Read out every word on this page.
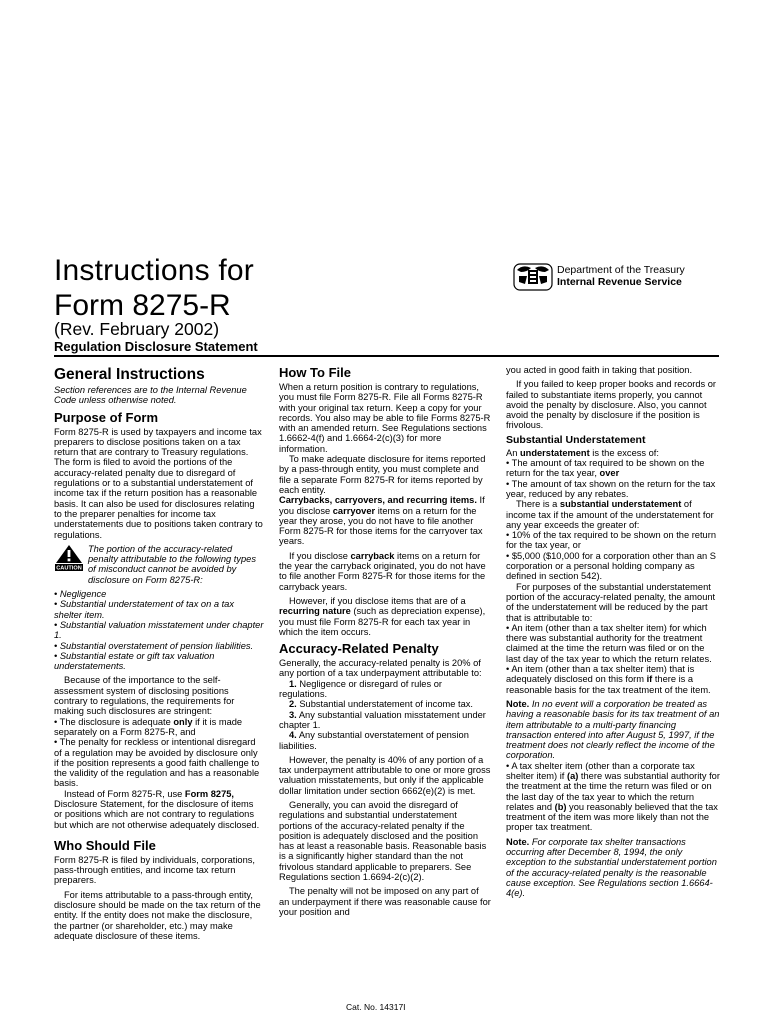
Instructions for
Form 8275-R
(Rev. February 2002)
Regulation Disclosure Statement
Department of the Treasury
Internal Revenue Service
General Instructions

Section references are to the Internal Revenue Code unless otherwise noted.

Purpose of Form

Form 8275-R is used by taxpayers and income tax preparers to disclose positions taken on a tax return that are contrary to Treasury regulations. The form is filed to avoid the portions of the accuracy-related penalty due to disregard of regulations or to a substantial understatement of income tax if the return position has a reasonable basis. It can also be used for disclosures relating to the preparer penalties for income tax understatements due to positions taken contrary to regulations.

CAUTION

The portion of the accuracy-related penalty attributable to the following types of misconduct cannot be avoided by disclosure on Form 8275-R:

• Negligence

• Substantial understatement of tax on a tax shelter item.

• Substantial valuation misstatement under chapter 1.

• Substantial overstatement of pension liabilities.

• Substantial estate or gift tax valuation understatements.

Because of the importance to the self-assessment system of disclosing positions contrary to regulations, the requirements for making such disclosures are stringent:

• The disclosure is adequate only if it is made separately on a Form 8275-R, and

• The penalty for reckless or intentional disregard of a regulation may be avoided by disclosure only if the position represents a good faith challenge to the validity of the regulation and has a reasonable basis.

Instead of Form 8275-R, use Form 8275, Disclosure Statement, for the disclosure of items or positions which are not contrary to regulations but which are not otherwise adequately disclosed.

Who Should File

Form 8275-R is filed by individuals, corporations, pass-through entities, and income tax return preparers.

For items attributable to a pass-through entity, disclosure should be made on the tax return of the entity. If the entity does not make the disclosure, the partner (or shareholder, etc.) may make adequate disclosure of these items.

How To File

When a return position is contrary to regulations, you must file Form 8275-R. File all Forms 8275-R with your original tax return. Keep a copy for your records. You also may be able to file Forms 8275-R with an amended return. See Regulations sections 1.6662-4(f) and 1.6664-2(c)(3) for more information.

To make adequate disclosure for items reported by a pass-through entity, you must complete and file a separate Form 8275-R for items reported by each entity.

Carrybacks, carryovers, and recurring items. If you disclose carryover items on a return for the year they arose, you do not have to file another Form 8275-R for those items for the carryover tax years.

If you disclose carryback items on a return for the year the carryback originated, you do not have to file another Form 8275-R for those items for the carryback years.

However, if you disclose items that are of a recurring nature (such as depreciation expense), you must file Form 8275-R for each tax year in which the item occurs.

Accuracy-Related Penalty

Generally, the accuracy-related penalty is 20% of any portion of a tax underpayment attributable to:

1. Negligence or disregard of rules or regulations.

2. Substantial understatement of income tax.

3. Any substantial valuation misstatement under chapter 1.

4. Any substantial overstatement of pension liabilities.

However, the penalty is 40% of any portion of a tax underpayment attributable to one or more gross valuation misstatements, but only if the applicable dollar limitation under section 6662(e)(2) is met.

Generally, you can avoid the disregard of regulations and substantial understatement portions of the accuracy-related penalty if the position is adequately disclosed and the position has at least a reasonable basis. Reasonable basis is a significantly higher standard than the not frivolous standard applicable to preparers. See Regulations section 1.6694-2(c)(2).

The penalty will not be imposed on any part of an underpayment if there was reasonable cause for your position and

you acted in good faith in taking that position.

If you failed to keep proper books and records or failed to substantiate items properly, you cannot avoid the penalty by disclosure. Also, you cannot avoid the penalty by disclosure if the position is frivolous.

Substantial Understatement

An understatement is the excess of:

• The amount of tax required to be shown on the return for the tax year, over

• The amount of tax shown on the return for the tax year, reduced by any rebates.

There is a substantial understatement of income tax if the amount of the understatement for any year exceeds the greater of:

• 10% of the tax required to be shown on the return for the tax year, or

• $5,000 ($10,000 for a corporation other than an S corporation or a personal holding company as defined in section 542).

For purposes of the substantial understatement portion of the accuracy-related penalty, the amount of the understatement will be reduced by the part that is attributable to:

• An item (other than a tax shelter item) for which there was substantial authority for the treatment claimed at the time the return was filed or on the last day of the tax year to which the return relates.

• An item (other than a tax shelter item) that is adequately disclosed on this form if there is a reasonable basis for the tax treatment of the item.

Note. In no event will a corporation be treated as having a reasonable basis for its tax treatment of an item attributable to a multi-party financing transaction entered into after August 5, 1997, if the treatment does not clearly reflect the income of the corporation.

• A tax shelter item (other than a corporate tax shelter item) if (a) there was substantial authority for the treatment at the time the return was filed or on the last day of the tax year to which the return relates and (b) you reasonably believed that the tax treatment of the item was more likely than not the proper tax treatment.

Note. For corporate tax shelter transactions occurring after December 8, 1994, the only exception to the substantial understatement portion of the accuracy-related penalty is the reasonable cause exception. See Regulations section 1.6664-4(e).

Cat. No. 14317I
